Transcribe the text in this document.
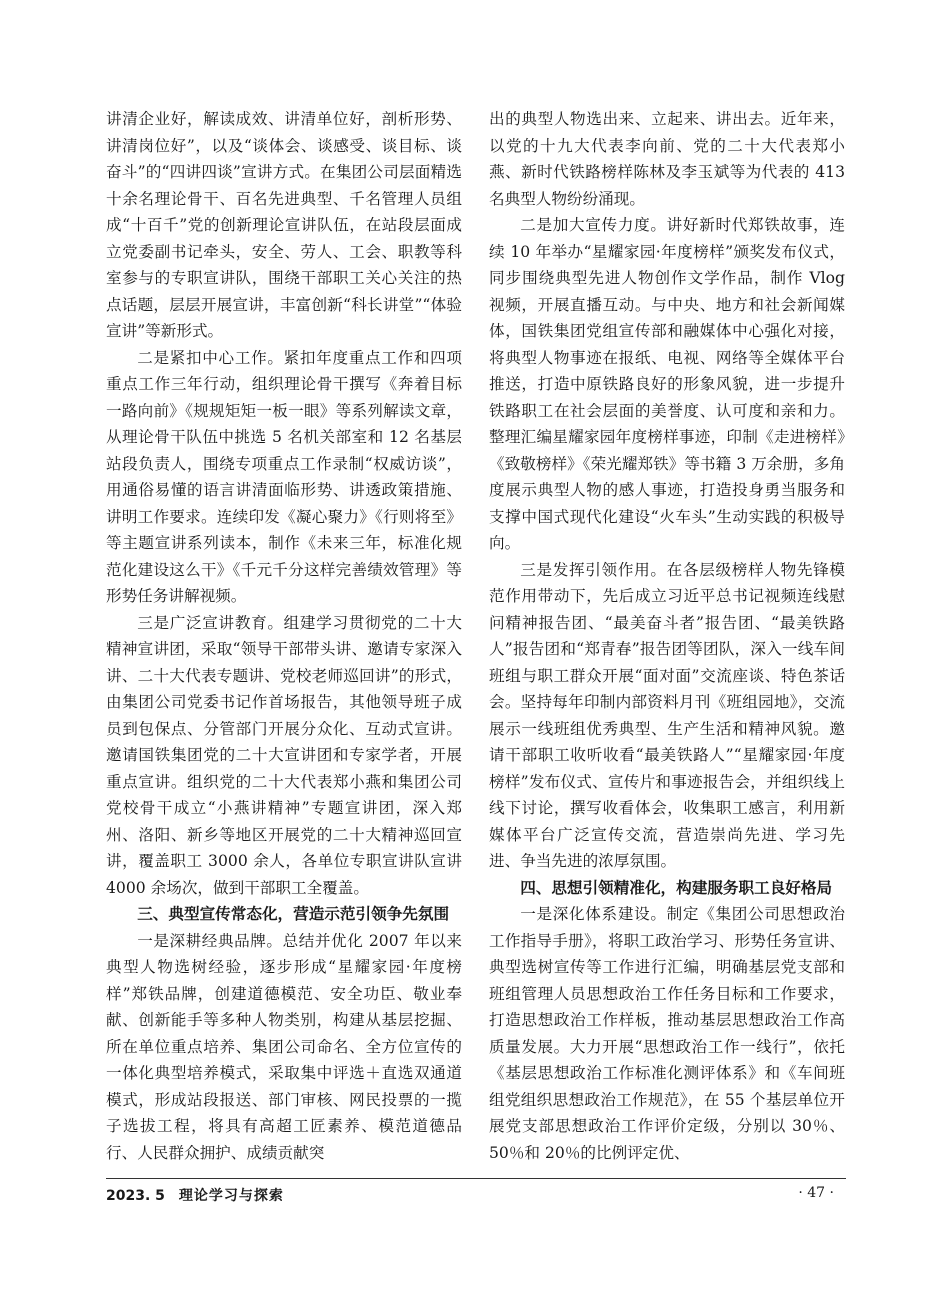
讲清企业好，解读成效、讲清单位好，剖析形势、讲清岗位好”，以及“谈体会、谈感受、谈目标、谈奋斗”的“四讲四谈”宣讲方式。在集团公司层面精选十余名理论骨干、百名先进典型、千名管理人员组成“十百千”党的创新理论宣讲队伍，在站段层面成立党委副书记牵头，安全、劳人、工会、职教等科室参与的专职宣讲队，围绕干部职工关心关注的热点话题，层层开展宣讲，丰富创新“科长讲堂”“体验宣讲”等新形式。

二是紧扣中心工作。紧扣年度重点工作和四项重点工作三年行动，组织理论骨干撰写《奔着目标一路向前》《规规矩矩一板一眼》等系列解读文章，从理论骨干队伍中挑选 5 名机关部室和 12 名基层站段负责人，围绕专项重点工作录制“权威访谈”，用通俗易懂的语言讲清面临形势、讲透政策措施、讲明工作要求。连续印发《凝心聚力》《行则将至》等主题宣讲系列读本，制作《未来三年，标准化规范化建设这么干》《千元千分这样完善绩效管理》等形势任务讲解视频。

三是广泛宣讲教育。组建学习贯彻党的二十大精神宣讲团，采取“领导干部带头讲、邀请专家深入讲、二十大代表专题讲、党校老师巡回讲”的形式，由集团公司党委书记作首场报告，其他领导班子成员到包保点、分管部门开展分众化、互动式宣讲。邀请国铁集团党的二十大宣讲团和专家学者，开展重点宣讲。组织党的二十大代表郑小燕和集团公司党校骨干成立“小燕讲精神”专题宣讲团，深入郑州、洛阳、新乡等地区开展党的二十大精神巡回宣讲，覆盖职工 3000 余人，各单位专职宣讲队宣讲 4000 余场次，做到干部职工全覆盖。

三、典型宣传常态化，营造示范引领争先氛围

一是深耕经典品牌。总结并优化 2007 年以来典型人物选树经验，逐步形成“星耀家园·年度榜样”郑铁品牌，创建道德模范、安全功臣、敬业奉献、创新能手等多种人物类别，构建从基层挖掘、所在单位重点培养、集团公司命名、全方位宣传的一体化典型培养模式，采取集中评选＋直选双通道模式，形成站段报送、部门审核、网民投票的一揽子选拔工程，将具有高超工匠素养、模范道德品行、人民群众拥护、成绩贡献突

出的典型人物选出来、立起来、讲出去。近年来，以党的十九大代表李向前、党的二十大代表郑小燕、新时代铁路榜样陈林及李玉斌等为代表的 413 名典型人物纷纷涌现。

二是加大宣传力度。讲好新时代郑铁故事，连续 10 年举办“星耀家园·年度榜样”颁奖发布仪式，同步围绕典型先进人物创作文学作品，制作 Vlog 视频，开展直播互动。与中央、地方和社会新闻媒体，国铁集团党组宣传部和融媒体中心强化对接，将典型人物事迹在报纸、电视、网络等全媒体平台推送，打造中原铁路良好的形象风貌，进一步提升铁路职工在社会层面的美誉度、认可度和亲和力。整理汇编星耀家园年度榜样事迹，印制《走进榜样》《致敬榜样》《荣光耀郑铁》等书籍 3 万余册，多角度展示典型人物的感人事迹，打造投身勇当服务和支撑中国式现代化建设“火车头”生动实践的积极导向。

三是发挥引领作用。在各层级榜样人物先锋模范作用带动下，先后成立习近平总书记视频连线慰问精神报告团、“最美奋斗者”报告团、“最美铁路人”报告团和“郑青春”报告团等团队，深入一线车间班组与职工群众开展“面对面”交流座谈、特色茶话会。坚持每年印制内部资料月刊《班组园地》，交流展示一线班组优秀典型、生产生活和精神风貌。邀请干部职工收听收看“最美铁路人”“星耀家园·年度榜样”发布仪式、宣传片和事迹报告会，并组织线上线下讨论，撰写收看体会，收集职工感言，利用新媒体平台广泛宣传交流，营造崇尚先进、学习先进、争当先进的浓厚氛围。

四、思想引领精准化，构建服务职工良好格局

一是深化体系建设。制定《集团公司思想政治工作指导手册》，将职工政治学习、形势任务宣讲、典型选树宣传等工作进行汇编，明确基层党支部和班组管理人员思想政治工作任务目标和工作要求，打造思想政治工作样板，推动基层思想政治工作高质量发展。大力开展“思想政治工作一线行”，依托《基层思想政治工作标准化测评体系》和《车间班组党组织思想政治工作规范》，在 55 个基层单位开展党支部思想政治工作评价定级，分别以 30％、50％和 20％的比例评定优、

2023. 5 理论学习与探索	· 47 ·
